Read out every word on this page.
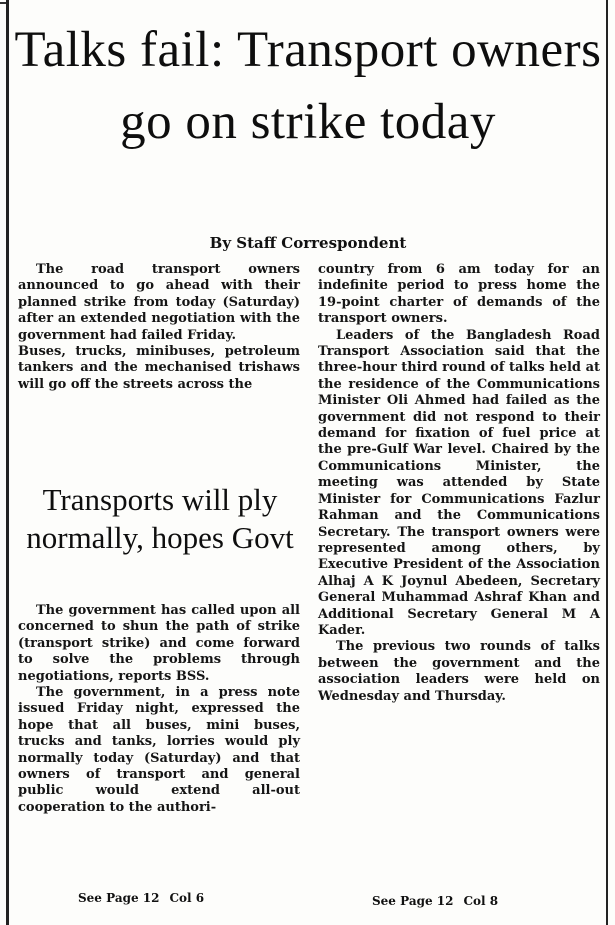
Talks fail: Transport owners go on strike today
By Staff Correspondent

The road transport owners announced to go ahead with their planned strike from today (Saturday) after an extended negotiation with the government had failed Friday.

Buses, trucks, minibuses, petroleum tankers and the mechanised trishaws will go off the streets across the

Transports will ply normally, hopes Govt

The government has called upon all concerned to shun the path of strike (transport strike) and come forward to solve the problems through negotiations, reports BSS.

The government, in a press note issued Friday night, expressed the hope that all buses, mini buses, trucks and tanks, lorries would ply normally today (Saturday) and that owners of transport and general public would extend all-out cooperation to the authori-

See Page 12 Col 6

country from 6 am today for an indefinite period to press home the 19-point charter of demands of the transport owners.

Leaders of the Bangladesh Road Transport Association said that the three-hour third round of talks held at the residence of the Communications Minister Oli Ahmed had failed as the government did not respond to their demand for fixation of fuel price at the pre-Gulf War level. Chaired by the Communications Minister, the meeting was attended by State Minister for Communications Fazlur Rahman and the Communications Secretary. The transport owners were represented among others, by Executive President of the Association Alhaj A K Joynul Abedeen, Secretary General Muhammad Ashraf Khan and Additional Secretary General M A Kader.

The previous two rounds of talks between the government and the association leaders were held on Wednesday and Thursday.

See Page 12 Col 8
